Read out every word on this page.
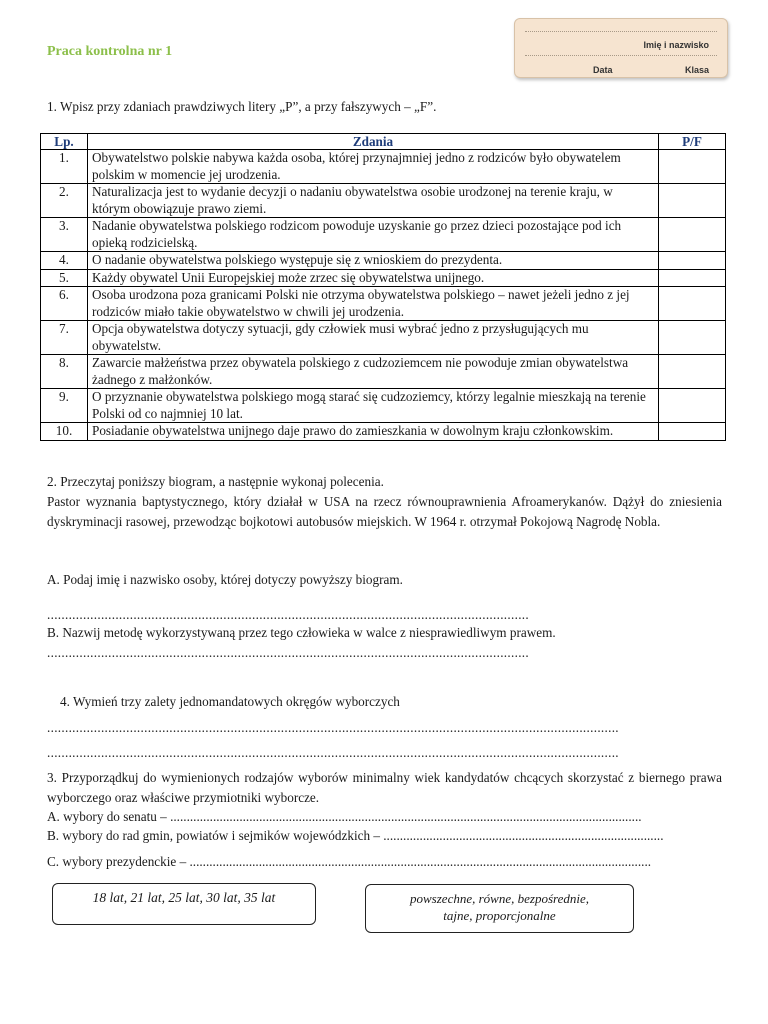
Praca kontrolna nr 1	Imię i nazwisko
Data	Klasa
1. Wpisz przy zdaniach prawdziwych litery „P”, a przy fałszywych – „F”.
Lp.	Zdania	P/F
1.	Obywatelstwo polskie nabywa każda osoba, której przynajmniej jedno z rodziców było obywatelem polskim w momencie jej urodzenia.	
2.	Naturalizacja jest to wydanie decyzji o nadaniu obywatelstwa osobie urodzonej na terenie kraju, w którym obowiązuje prawo ziemi.	
3.	Nadanie obywatelstwa polskiego rodzicom powoduje uzyskanie go przez dzieci pozostające pod ich opieką rodzicielską.	
4.	O nadanie obywatelstwa polskiego występuje się z wnioskiem do prezydenta.	
5.	Każdy obywatel Unii Europejskiej może zrzec się obywatelstwa unijnego.	
6.	Osoba urodzona poza granicami Polski nie otrzyma obywatelstwa polskiego – nawet jeżeli jedno z jej rodziców miało takie obywatelstwo w chwili jej urodzenia.	
7.	Opcja obywatelstwa dotyczy sytuacji, gdy człowiek musi wybrać jedno z przysługujących mu obywatelstw.	
8.	Zawarcie małżeństwa przez obywatela polskiego z cudzoziemcem nie powoduje zmian obywatelstwa żadnego z małżonków.	
9.	O przyznanie obywatelstwa polskiego mogą starać się cudzoziemcy, którzy legalnie mieszkają na terenie Polski od co najmniej 10 lat.	
10.	Posiadanie obywatelstwa unijnego daje prawo do zamieszkania w dowolnym kraju członkowskim.	
2. Przeczytaj poniższy biogram, a następnie wykonaj polecenia.
Pastor wyznania baptystycznego, który działał w USA na rzecz równouprawnienia Afroamerykanów. Dążył do zniesienia dyskryminacji rasowej, przewodząc bojkotowi autobusów miejskich. W 1964 r. otrzymał Pokojową Nagrodę Nobla.
A. Podaj imię i nazwisko osoby, której dotyczy powyższy biogram.
......................................................................................................................................
B. Nazwij metodę wykorzystywaną przez tego człowieka w walce z niesprawiedliwym prawem.
......................................................................................................................................
4. Wymień trzy zalety jednomandatowych okręgów wyborczych
...............................................................................................................................................................
...............................................................................................................................................................
3. Przyporządkuj do wymienionych rodzajów wyborów minimalny wiek kandydatów chcących skorzystać z biernego prawa wyborczego oraz właściwe przymiotniki wyborcze.
A. wybory do senatu – ...............................................................................................................................................
B. wybory do rad gmin, powiatów i sejmików wojewódzkich – .....................................................................................
C. wybory prezydenckie – ............................................................................................................................................
18 lat, 21 lat, 25 lat, 30 lat, 35 lat	powszechne, równe, bezpośrednie,
tajne, proporcjonalne
